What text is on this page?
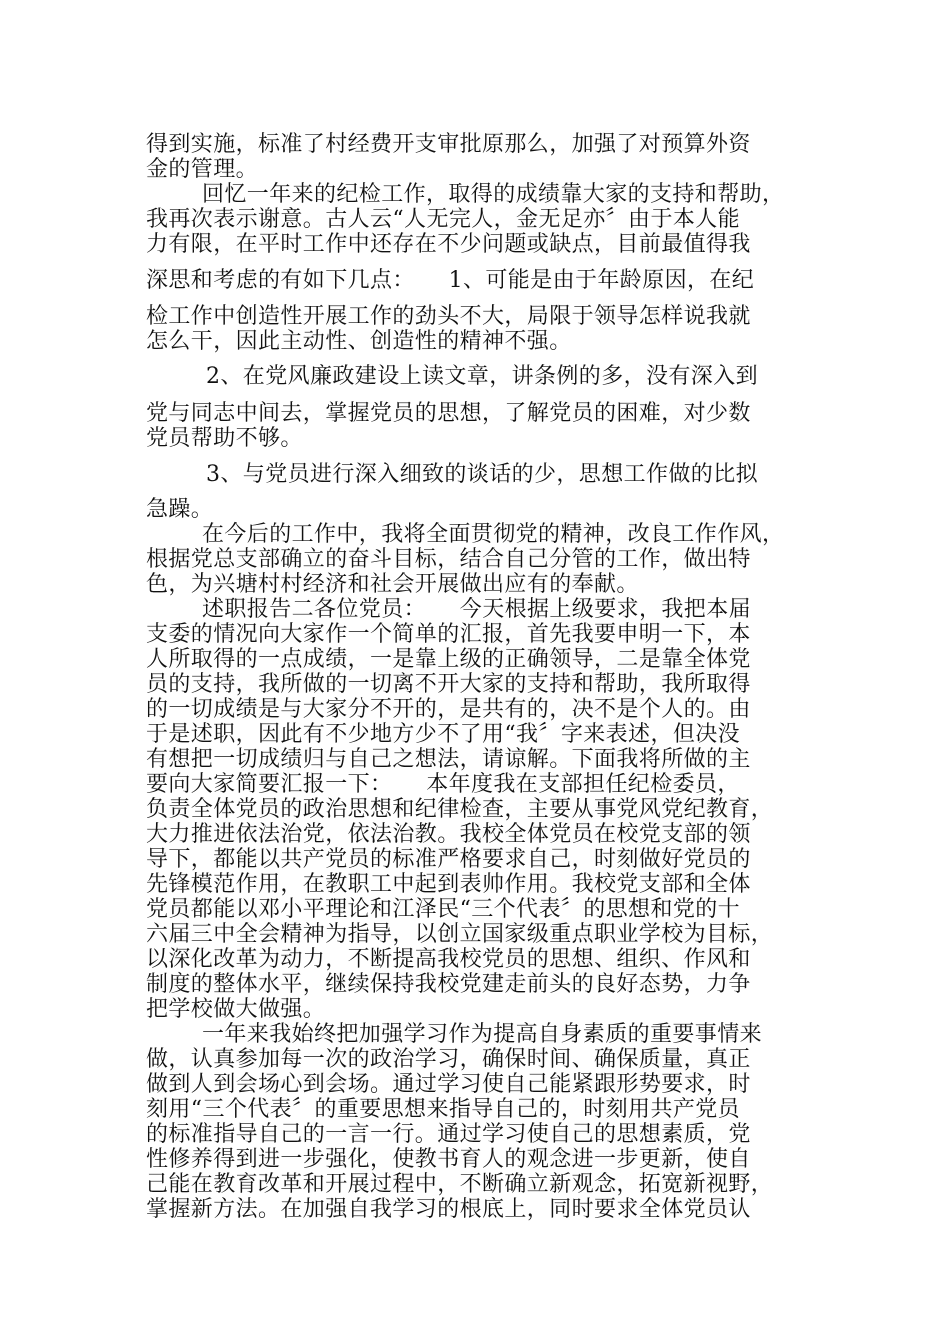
得到实施，标准了村经费开支审批原那么，加强了对预算外资
金的管理。
回忆一年来的纪检工作，取得的成绩靠大家的支持和帮助，
我再次表示谢意。古人云“人无完人，金无足亦〞由于本人能
力有限，在平时工作中还存在不少问题或缺点，目前最值得我
深思和考虑的有如下几点：　　1、可能是由于年龄原因，在纪
检工作中创造性开展工作的劲头不大，局限于领导怎样说我就
怎么干，因此主动性、创造性的精神不强。
2、在党风廉政建设上读文章，讲条例的多，没有深入到
党与同志中间去，掌握党员的思想，了解党员的困难，对少数
党员帮助不够。
3、与党员进行深入细致的谈话的少，思想工作做的比拟
急躁。
在今后的工作中，我将全面贯彻党的精神，改良工作作风，
根据党总支部确立的奋斗目标，结合自己分管的工作，做出特
色，为兴塘村村经济和社会开展做出应有的奉献。
述职报告二各位党员：　　今天根据上级要求，我把本届
支委的情况向大家作一个简单的汇报，首先我要申明一下，本
人所取得的一点成绩，一是靠上级的正确领导，二是靠全体党
员的支持，我所做的一切离不开大家的支持和帮助，我所取得
的一切成绩是与大家分不开的，是共有的，决不是个人的。由
于是述职，因此有不少地方少不了用“我〞字来表述，但决没
有想把一切成绩归与自己之想法，请谅解。下面我将所做的主
要向大家简要汇报一下：　　本年度我在支部担任纪检委员，
负责全体党员的政治思想和纪律检查，主要从事党风党纪教育，
大力推进依法治党，依法治教。我校全体党员在校党支部的领
导下，都能以共产党员的标准严格要求自己，时刻做好党员的
先锋模范作用，在教职工中起到表帅作用。我校党支部和全体
党员都能以邓小平理论和江泽民“三个代表〞的思想和党的十
六届三中全会精神为指导，以创立国家级重点职业学校为目标，
以深化改革为动力，不断提高我校党员的思想、组织、作风和
制度的整体水平，继续保持我校党建走前头的良好态势，力争
把学校做大做强。
一年来我始终把加强学习作为提高自身素质的重要事情来
做，认真参加每一次的政治学习，确保时间、确保质量，真正
做到人到会场心到会场。通过学习使自己能紧跟形势要求，时
刻用“三个代表〞的重要思想来指导自己的，时刻用共产党员
的标准指导自己的一言一行。通过学习使自己的思想素质，党
性修养得到进一步强化，使教书育人的观念进一步更新，使自
己能在教育改革和开展过程中，不断确立新观念，拓宽新视野，
掌握新方法。在加强自我学习的根底上，同时要求全体党员认
